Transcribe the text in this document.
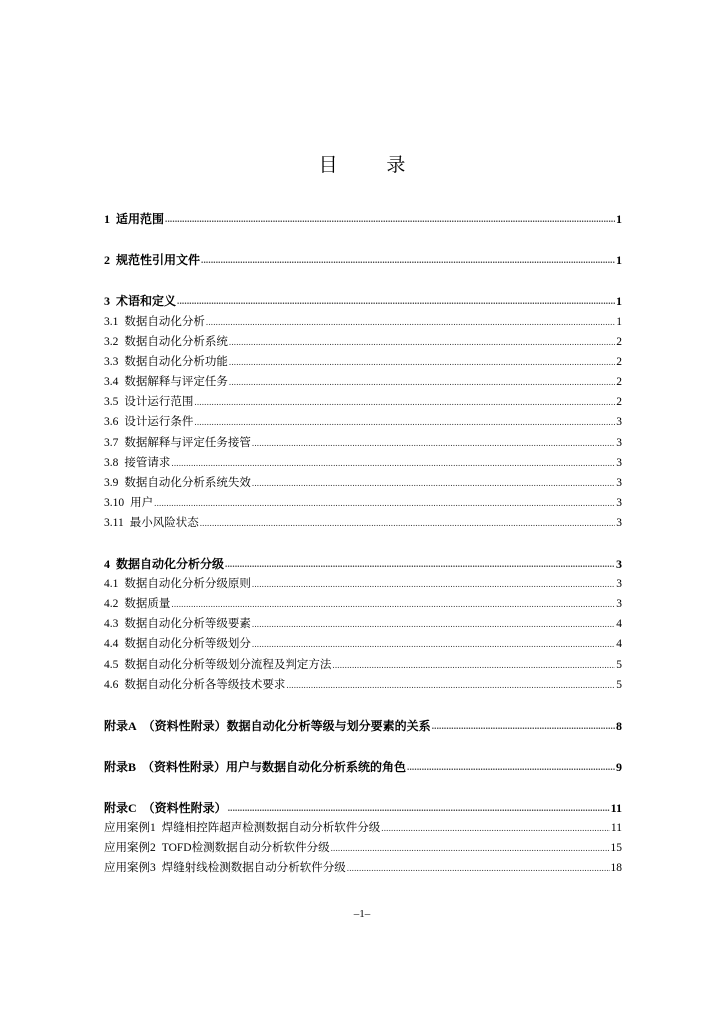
目 录
1 适用范围 .....	1
2 规范性引用文件 .....	1
3 术语和定义 .....	1
3.1 数据自动化分析 .....	1
3.2 数据自动化分析系统 .....	2
3.3 数据自动化分析功能 .....	2
3.4 数据解释与评定任务 .....	2
3.5 设计运行范围 .....	2
3.6 设计运行条件 .....	3
3.7 数据解释与评定任务接管 .....	3
3.8 接管请求 .....	3
3.9 数据自动化分析系统失效 .....	3
3.10 用户 .....	3
3.11 最小风险状态 .....	3
4 数据自动化分析分级 .....	3
4.1 数据自动化分析分级原则 .....	3
4.2 数据质量 .....	3
4.3 数据自动化分析等级要素 .....	4
4.4 数据自动化分析等级划分 .....	4
4.5 数据自动化分析等级划分流程及判定方法 .....	5
4.6 数据自动化分析各等级技术要求 .....	5
附录A （资料性附录）数据自动化分析等级与划分要素的关系 .....	8
附录B （资料性附录）用户与数据自动化分析系统的角色 .....	9
附录C （资料性附录） .....	11
应用案例1 焊缝相控阵超声检测数据自动分析软件分级 .....	11
应用案例2 TOFD检测数据自动分析软件分级 .....	15
应用案例3 焊缝射线检测数据自动分析软件分级 .....	18
–1–
